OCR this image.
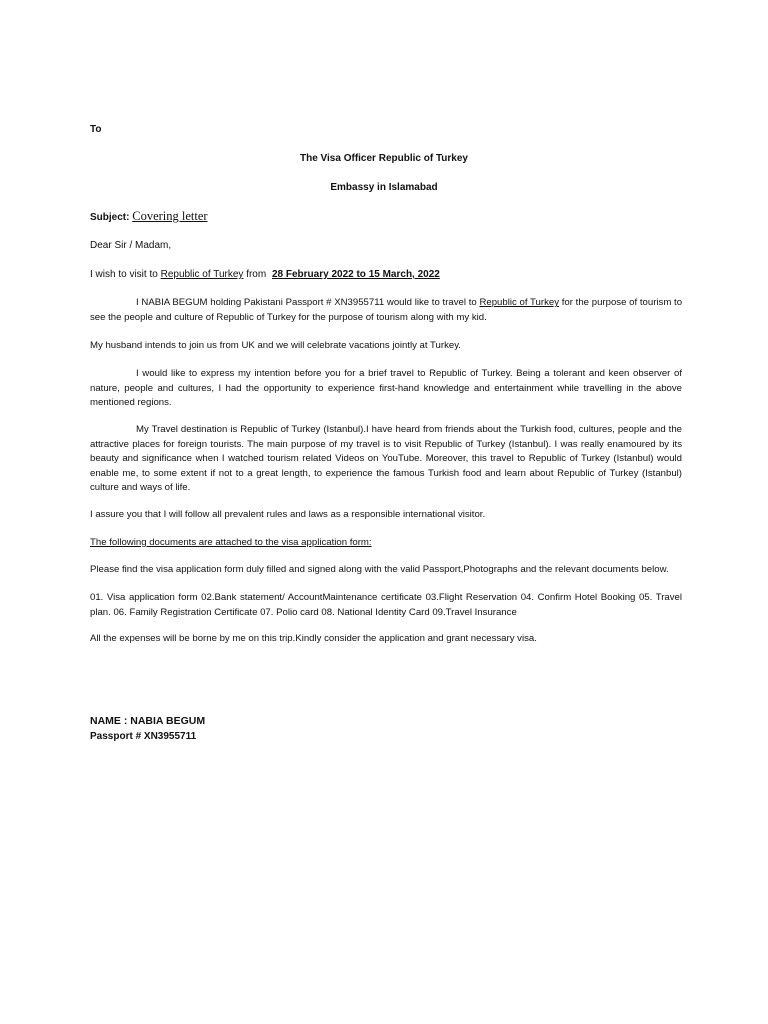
To
The Visa Officer Republic of Turkey
Embassy in Islamabad
Subject: Covering letter
Dear Sir / Madam,
I wish to visit to Republic of Turkey from 28 February 2022 to 15 March, 2022
I NABIA BEGUM holding Pakistani Passport # XN3955711 would like to travel to Republic of Turkey for the purpose of tourism to see the people and culture of Republic of Turkey for the purpose of tourism along with my kid.
My husband intends to join us from UK and we will celebrate vacations jointly at Turkey.
I would like to express my intention before you for a brief travel to Republic of Turkey. Being a tolerant and keen observer of nature, people and cultures, I had the opportunity to experience first-hand knowledge and entertainment while travelling in the above mentioned regions.
My Travel destination is Republic of Turkey (Istanbul).I have heard from friends about the Turkish food, cultures, people and the attractive places for foreign tourists. The main purpose of my travel is to visit Republic of Turkey (Istanbul). I was really enamoured by its beauty and significance when I watched tourism related Videos on YouTube. Moreover, this travel to Republic of Turkey (Istanbul) would enable me, to some extent if not to a great length, to experience the famous Turkish food and learn about Republic of Turkey (Istanbul) culture and ways of life.
I assure you that I will follow all prevalent rules and laws as a responsible international visitor.
The following documents are attached to the visa application form:
Please find the visa application form duly filled and signed along with the valid Passport,Photographs and the relevant documents below.
01. Visa application form 02.Bank statement/ AccountMaintenance certificate 03.Flight Reservation 04. Confirm Hotel Booking 05. Travel plan. 06. Family Registration Certificate 07. Polio card 08. National Identity Card 09.Travel Insurance
All the expenses will be borne by me on this trip.Kindly consider the application and grant necessary visa.
NAME : NABIA BEGUM
Passport # XN3955711
